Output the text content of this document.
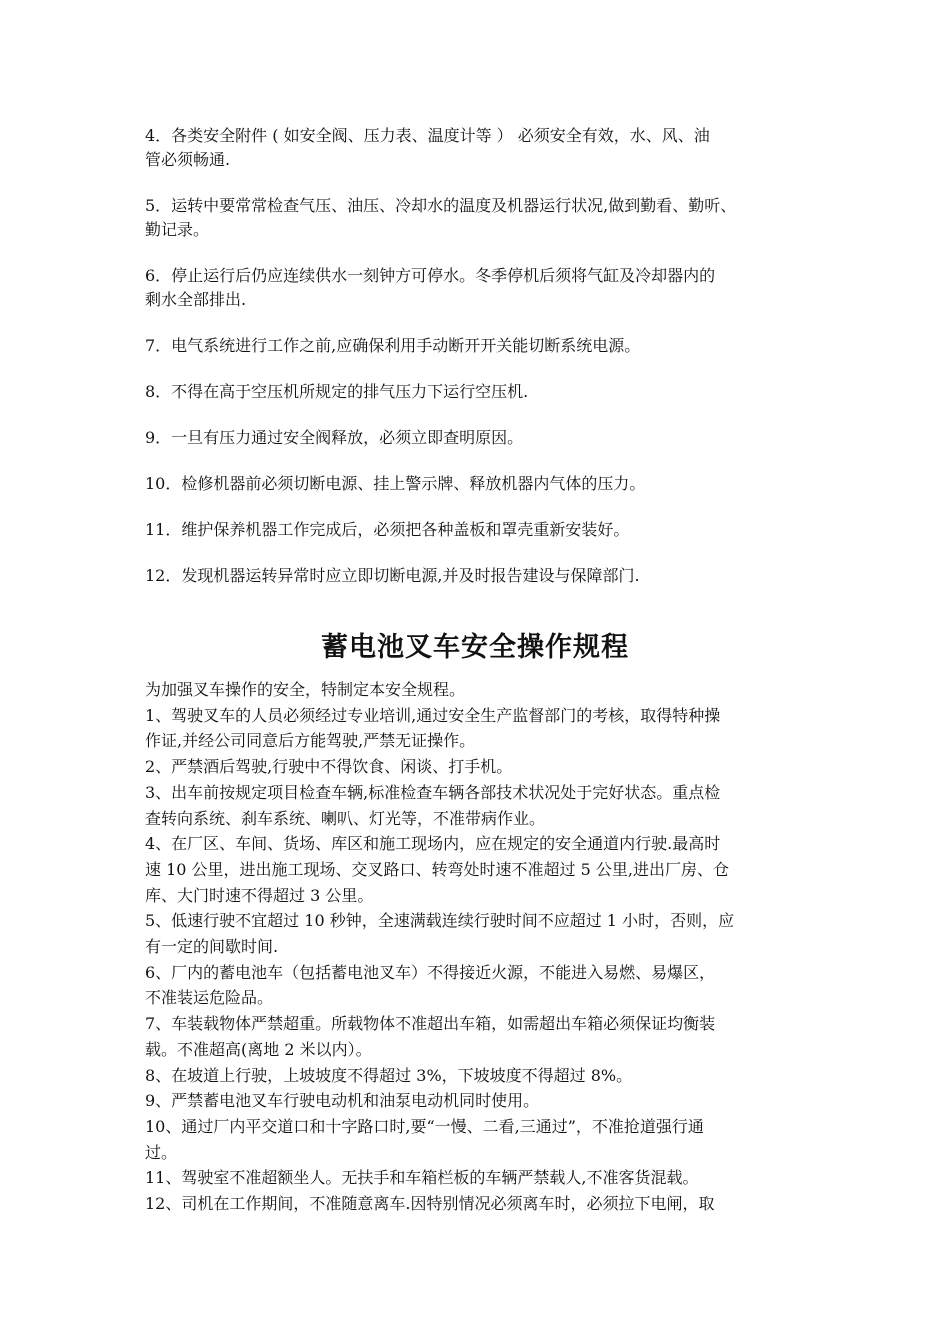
4．各类安全附件 ( 如安全阀、压力表、温度计等 ） 必须安全有效，水、风、油
管必须畅通.

5．运转中要常常检查气压、油压、冷却水的温度及机器运行状况,做到勤看、勤听、
勤记录。

6．停止运行后仍应连续供水一刻钟方可停水。冬季停机后须将气缸及冷却器内的
剩水全部排出.

7．电气系统进行工作之前,应确保利用手动断开开关能切断系统电源。

8．不得在高于空压机所规定的排气压力下运行空压机.

9．一旦有压力通过安全阀释放，必须立即查明原因。

10．检修机器前必须切断电源、挂上警示牌、释放机器内气体的压力。

11．维护保养机器工作完成后，必须把各种盖板和罩壳重新安装好。

12．发现机器运转异常时应立即切断电源,并及时报告建设与保障部门.

蓄电池叉车安全操作规程

为加强叉车操作的安全，特制定本安全规程。

1、驾驶叉车的人员必须经过专业培训,通过安全生产监督部门的考核，取得特种操
作证,并经公司同意后方能驾驶,严禁无证操作。

2、严禁酒后驾驶,行驶中不得饮食、闲谈、打手机。

3、出车前按规定项目检查车辆,标准检查车辆各部技术状况处于完好状态。重点检
查转向系统、刹车系统、喇叭、灯光等，不准带病作业。

4、在厂区、车间、货场、库区和施工现场内，应在规定的安全通道内行驶.最高时
速 10 公里，进出施工现场、交叉路口、转弯处时速不准超过 5 公里,进出厂房、仓
库、大门时速不得超过 3 公里。

5、低速行驶不宜超过 10 秒钟，全速满载连续行驶时间不应超过 1 小时，否则，应
有一定的间歇时间.

6、厂内的蓄电池车（包括蓄电池叉车）不得接近火源，不能进入易燃、易爆区，
不准装运危险品。

7、车装载物体严禁超重。所载物体不准超出车箱，如需超出车箱必须保证均衡装
载。不准超高(离地 2 米以内）。

8、在坡道上行驶，上坡坡度不得超过 3%，下坡坡度不得超过 8%。

9、严禁蓄电池叉车行驶电动机和油泵电动机同时使用。

10、通过厂内平交道口和十字路口时,要“一慢、二看,三通过”，不准抢道强行通
过。

11、驾驶室不准超额坐人。无扶手和车箱栏板的车辆严禁载人,不准客货混载。

12、司机在工作期间，不准随意离车.因特别情况必须离车时，必须拉下电闸，取
